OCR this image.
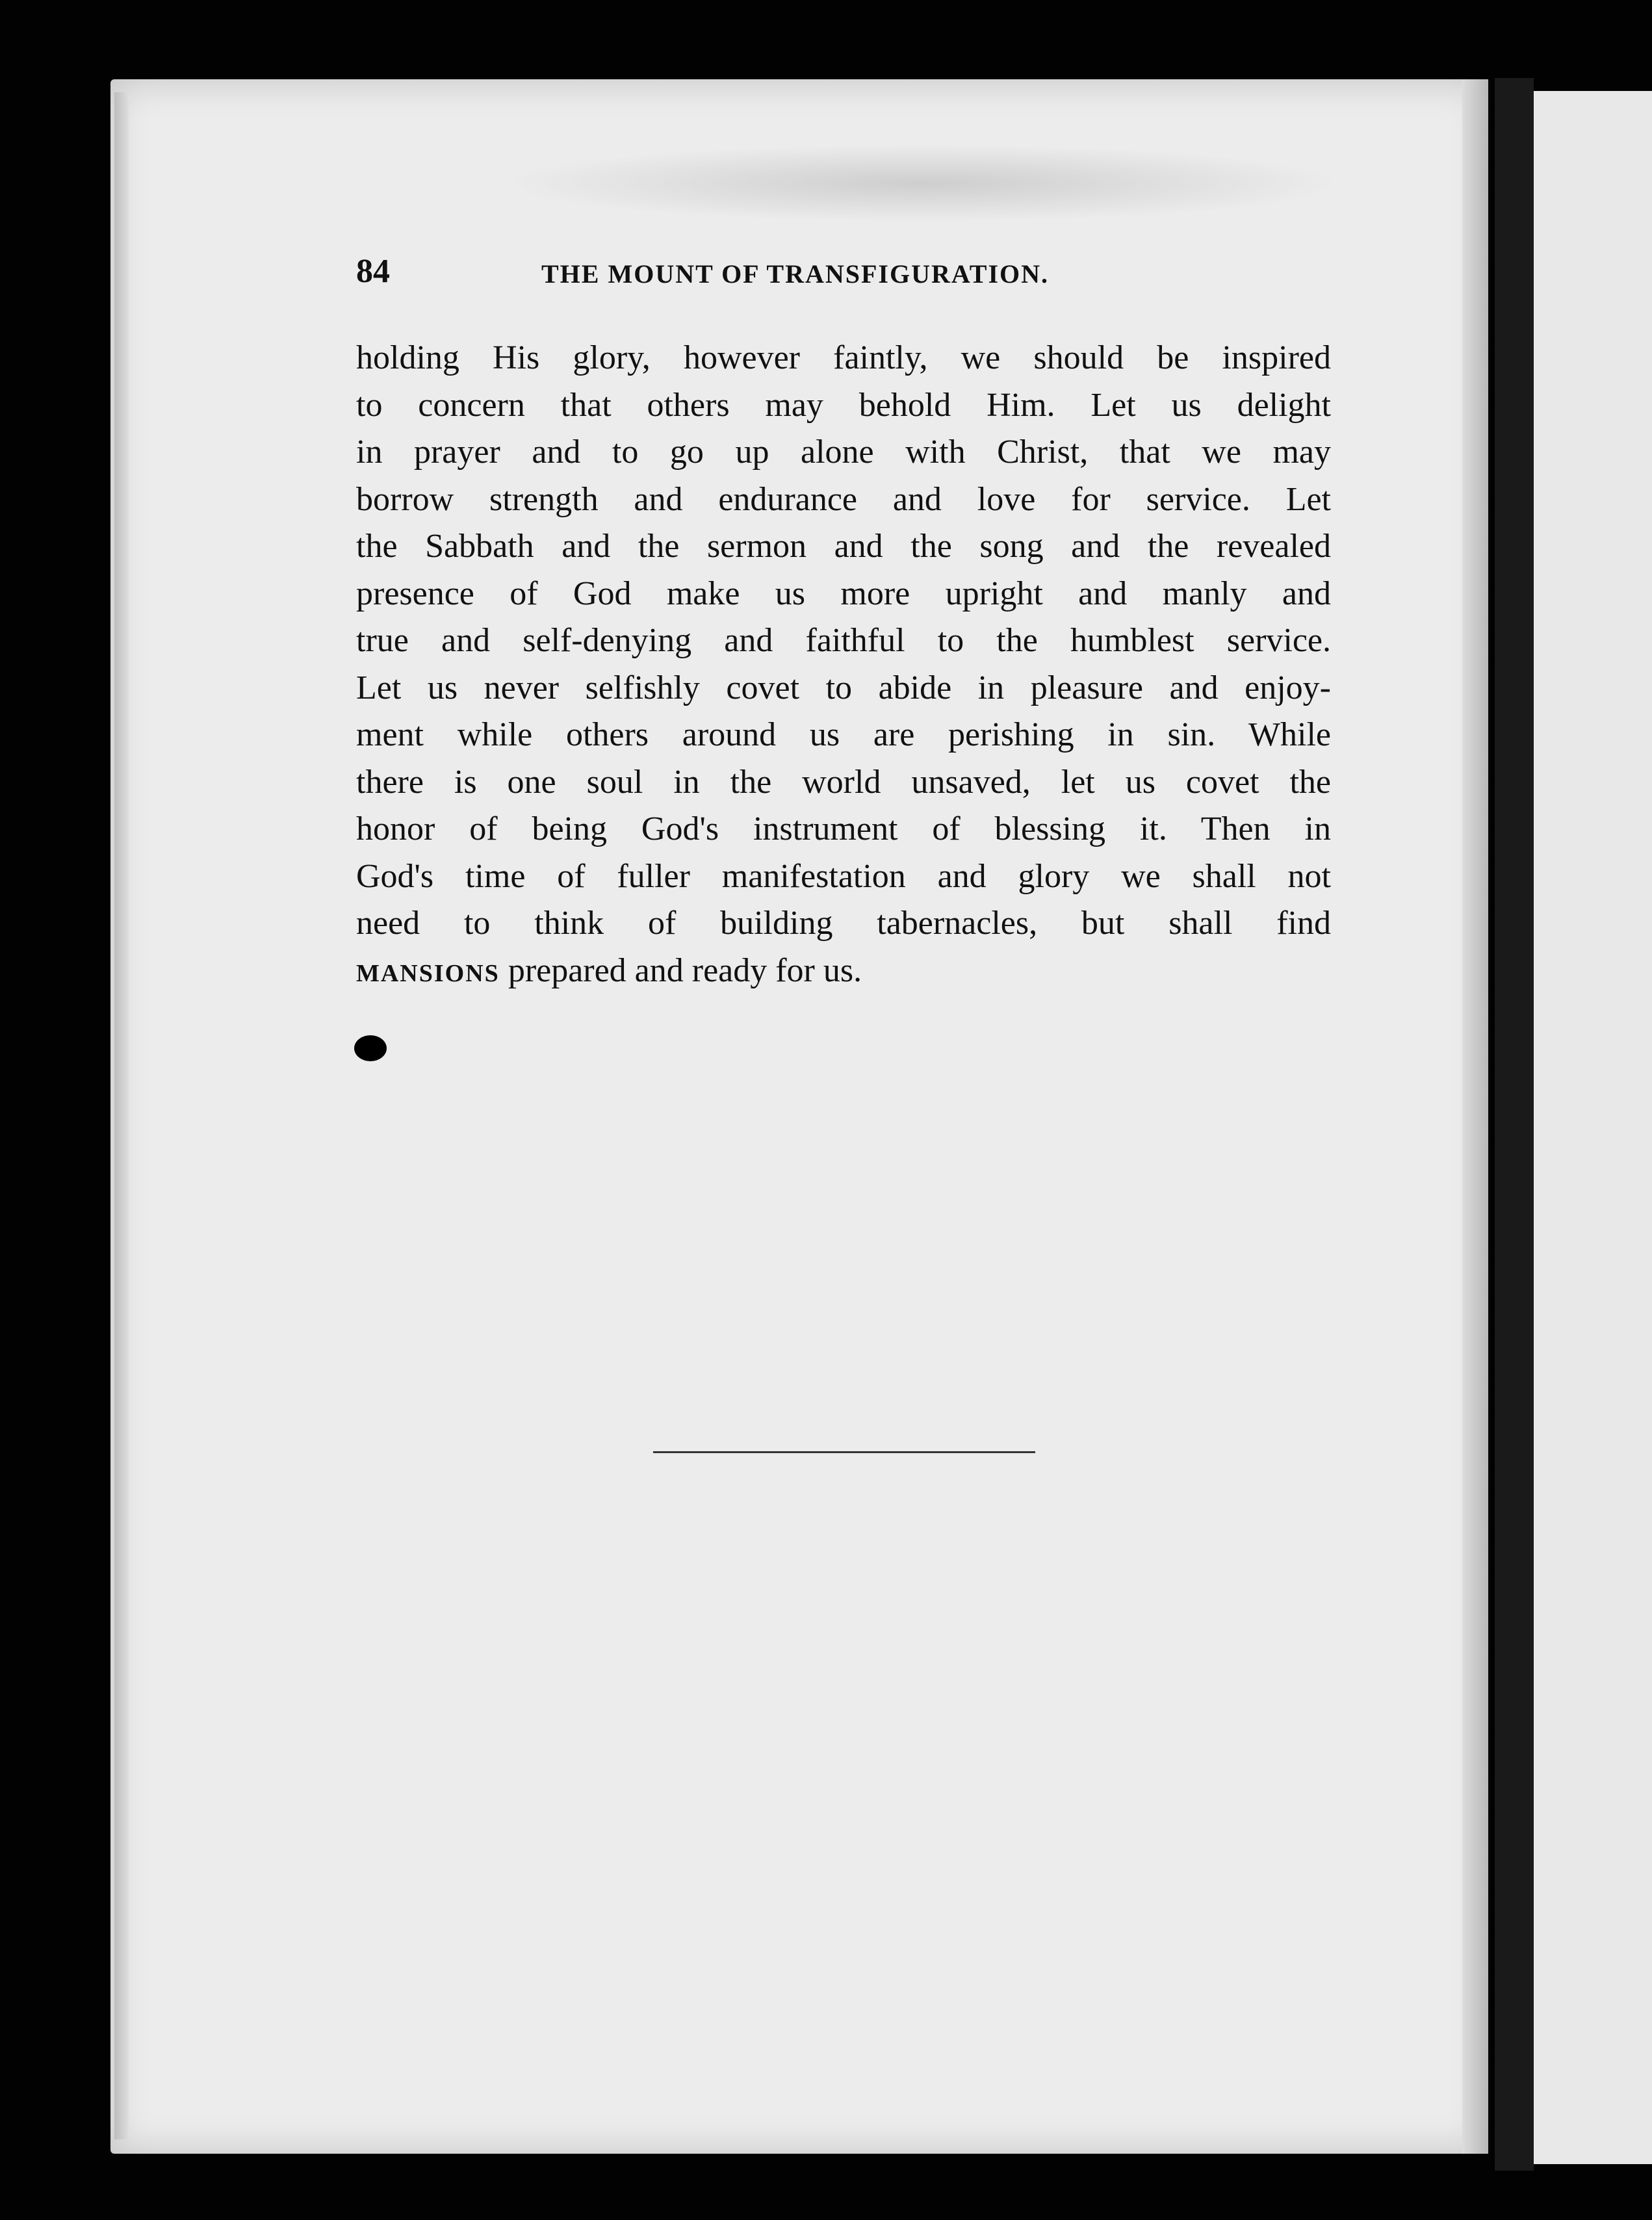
84	THE MOUNT OF TRANSFIGURATION.
holding His glory, however faintly, we should be inspired
to concern that others may behold Him. Let us delight
in prayer and to go up alone with Christ, that we may
borrow strength and endurance and love for service. Let
the Sabbath and the sermon and the song and the revealed
presence of God make us more upright and manly and
true and self-denying and faithful to the humblest service.
Let us never selfishly covet to abide in pleasure and enjoy-
ment while others around us are perishing in sin. While
there is one soul in the world unsaved, let us covet the
honor of being God's instrument of blessing it. Then in
God's time of fuller manifestation and glory we shall not
need to think of building tabernacles, but shall find
MANSIONS prepared and ready for us.
